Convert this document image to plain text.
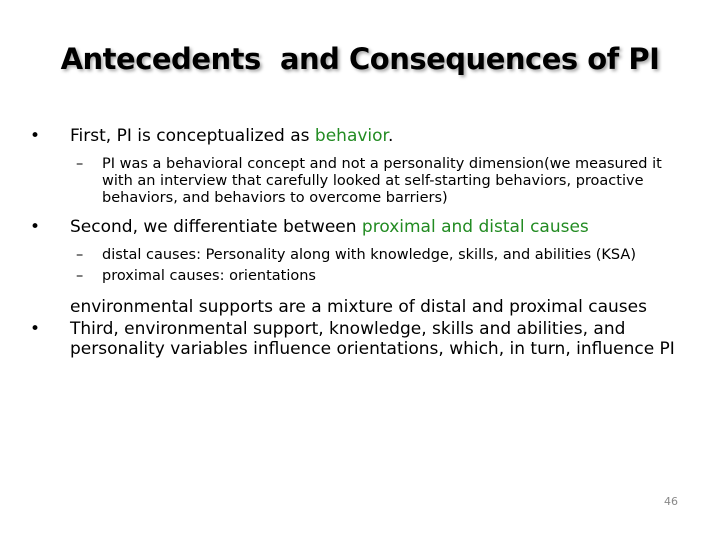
Antecedents  and Consequences of PI

•	First, PI is conceptualized as behavior.

– PI was a behavioral concept and not a personality dimension(we measured it with an interview that carefully looked at self-starting behaviors, proactive behaviors, and behaviors to overcome barriers)

•	Second, we differentiate between proximal and distal causes

– distal causes: Personality along with knowledge, skills, and abilities (KSA)

– proximal causes: orientations

environmental supports are a mixture of distal and proximal causes

•	Third, environmental support, knowledge, skills and abilities, and personality variables influence orientations, which, in turn, influence PI

46
